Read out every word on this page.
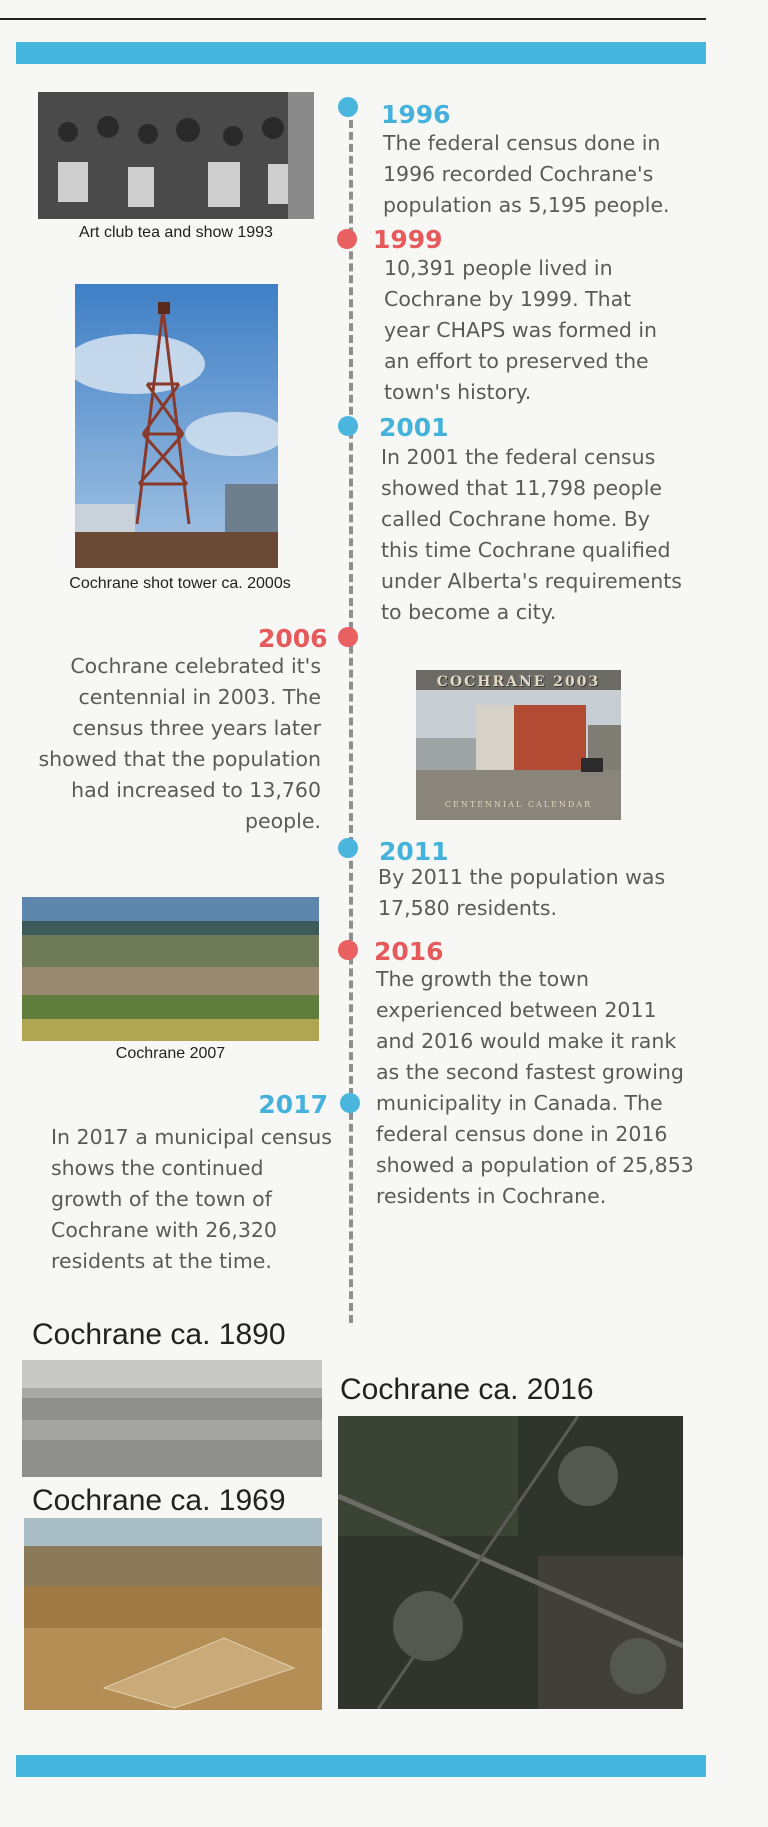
Art club tea and show 1993
Cochrane shot tower ca. 2000s
Cochrane 2007
1996
The federal census done in 1996 recorded Cochrane's population as 5,195 people.
1999
10,391 people lived in Cochrane by 1999. That year CHAPS was formed in an effort to preserved the town's history.
2001
In 2001 the federal census showed that 11,798 people called Cochrane home. By this time Cochrane qualified under Alberta's requirements to become a city.
2006
Cochrane celebrated it's centennial in 2003. The census three years later showed that the population had increased to 13,760 people.
COCHRANE 2003
CENTENNIAL CALENDAR
2011
By 2011 the population was 17,580 residents.
2016
The growth the town experienced between 2011 and 2016 would make it rank as the second fastest growing municipality in Canada. The federal census done in 2016 showed a population of 25,853 residents in Cochrane.
2017
In 2017 a municipal census shows the continued growth of the town of Cochrane with 26,320 residents at the time.
Cochrane ca. 1890
Cochrane ca. 1969
Cochrane ca. 2016
